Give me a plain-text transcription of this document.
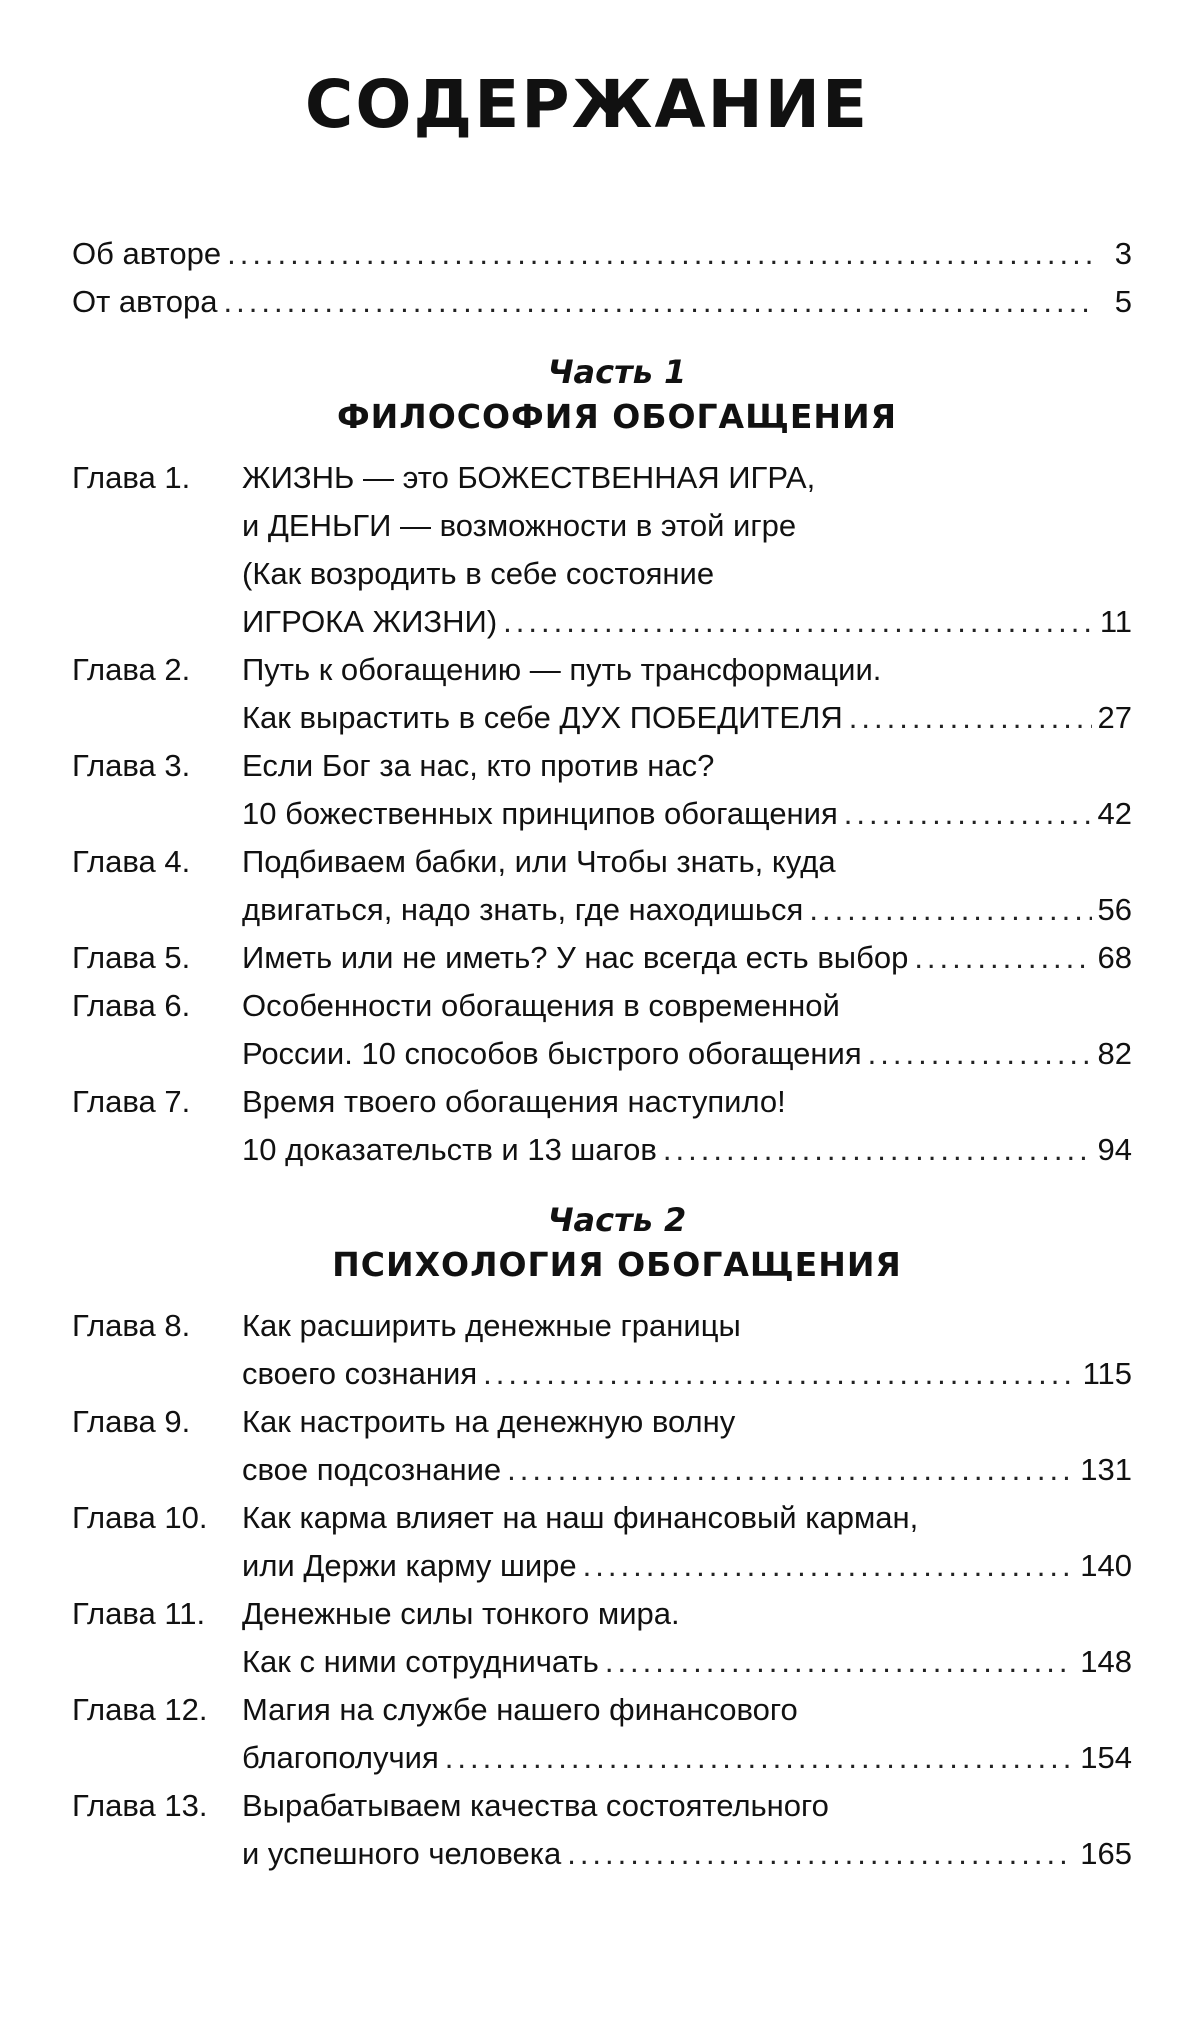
СОДЕРЖАНИЕ
Об авторе .....	3
От автора .....	5
Часть 1
ФИЛОСОФИЯ ОБОГАЩЕНИЯ
Глава 1.	ЖИЗНЬ — это БОЖЕСТВЕННАЯ ИГРА,
и ДЕНЬГИ — возможности в этой игре
(Как возродить в себе состояние
ИГРОКА ЖИЗНИ) .....	11
Глава 2.	Путь к обогащению — путь трансформации.
Как вырастить в себе ДУХ ПОБЕДИТЕЛЯ .....	27
Глава 3.	Если Бог за нас, кто против нас?
10 божественных принципов обогащения .....	42
Глава 4.	Подбиваем бабки, или Чтобы знать, куда
двигаться, надо знать, где находишься .....	56
Глава 5.	Иметь или не иметь? У нас всегда есть выбор .....	68
Глава 6.	Особенности обогащения в современной
России. 10 способов быстрого обогащения .....	82
Глава 7.	Время твоего обогащения наступило!
10 доказательств и 13 шагов .....	94
Часть 2
ПСИХОЛОГИЯ ОБОГАЩЕНИЯ
Глава 8.	Как расширить денежные границы
своего сознания .....	115
Глава 9.	Как настроить на денежную волну
свое подсознание .....	131
Глава 10.	Как карма влияет на наш финансовый карман,
или Держи карму шире .....	140
Глава 11.	Денежные силы тонкого мира.
Как с ними сотрудничать .....	148
Глава 12.	Магия на службе нашего финансового
благополучия .....	154
Глава 13.	Вырабатываем качества состоятельного
и успешного человека .....	165
